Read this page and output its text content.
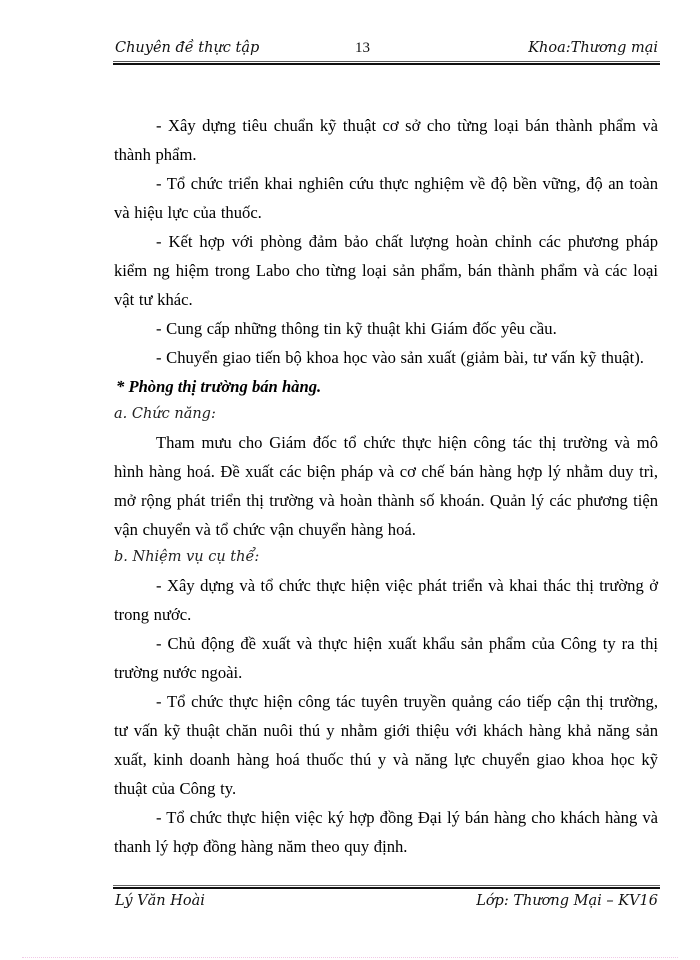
Chuyên đề thực tập	13	Khoa:Thương mại

- Xây dựng tiêu chuẩn kỹ thuật cơ sở cho từng loại bán thành phẩm và thành phẩm.

- Tổ chức triển khai nghiên cứu thực nghiệm về độ bền vững, độ an toàn và hiệu lực của thuốc.

- Kết hợp với phòng đảm bảo chất lượng hoàn chỉnh các phương pháp kiểm ng hiệm trong Labo cho từng loại sản phẩm, bán thành phẩm và các loại vật tư khác.

- Cung cấp những thông tin kỹ thuật khi Giám đốc yêu cầu.

- Chuyển giao tiến bộ khoa học vào sản xuất (giảm bài, tư vấn kỹ thuật).

* Phòng thị trường bán hàng.

a. Chức năng:

Tham mưu cho Giám đốc tổ chức thực hiện công tác thị trường và mô hình hàng hoá. Đề xuất các biện pháp và cơ chế bán hàng hợp lý nhằm duy trì, mở rộng phát triển thị trường và hoàn thành số khoán. Quản lý các phương tiện vận chuyển và tổ chức vận chuyển hàng hoá.

b. Nhiệm vụ cụ thể:

- Xây dựng và tổ chức thực hiện việc phát triển và khai thác thị trường ở trong nước.

- Chủ động đề xuất và thực hiện xuất khẩu sản phẩm của Công ty ra thị trường nước ngoài.

- Tổ chức thực hiện công tác tuyên truyền quảng cáo tiếp cận thị trường, tư vấn kỹ thuật chăn nuôi thú y nhằm giới thiệu với khách hàng khả năng sản xuất, kinh doanh hàng hoá thuốc thú y và năng lực chuyển giao khoa học kỹ thuật của Công ty.

- Tổ chức thực hiện việc ký hợp đồng Đại lý bán hàng cho khách hàng và thanh lý hợp đồng hàng năm theo quy định.

Lý Văn Hoài	Lớp: Thương Mại – KV16
